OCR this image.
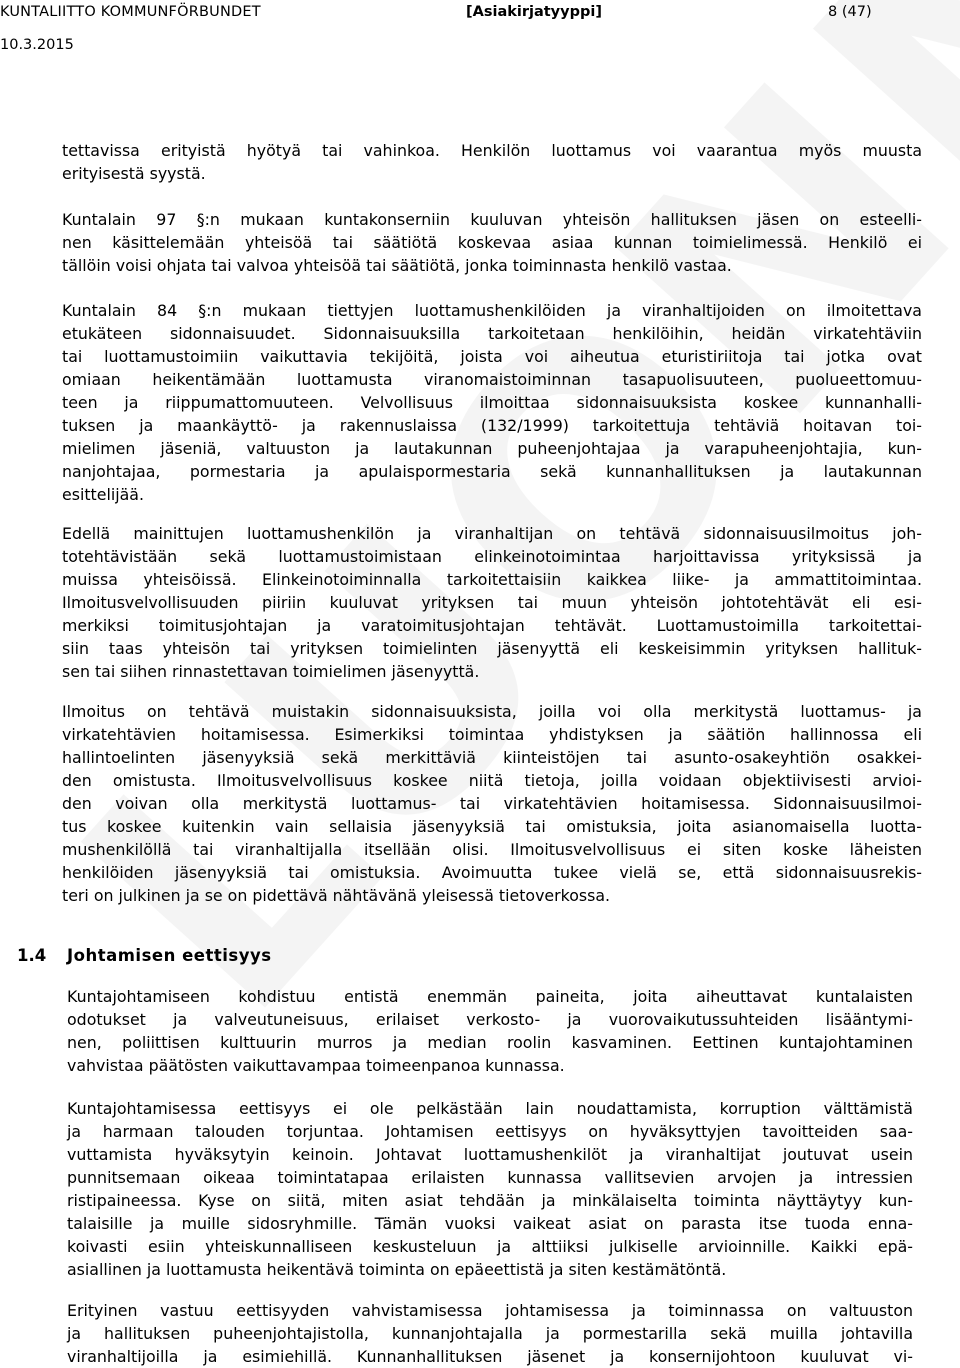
KUNTALIITTO KOMMUNFÖRBUNDET	[Asiakirjatyyppi]	8 (47)
10.3.2015
tettavissa erityistä hyötyä tai vahinkoa. Henkilön luottamus voi vaarantua myös muusta
erityisestä syystä.
Kuntalain 97 §:n mukaan kuntakonserniin kuuluvan yhteisön hallituksen jäsen on esteelli-
nen käsittelemään yhteisöä tai säätiötä koskevaa asiaa kunnan toimielimessä. Henkilö ei
tällöin voisi ohjata tai valvoa yhteisöä tai säätiötä, jonka toiminnasta henkilö vastaa.
Kuntalain 84 §:n mukaan tiettyjen luottamushenkilöiden ja viranhaltijoiden on ilmoitettava
etukäteen sidonnaisuudet. Sidonnaisuuksilla tarkoitetaan henkilöihin, heidän virkatehtäviin
tai luottamustoimiin vaikuttavia tekijöitä, joista voi aiheutua eturistiriitoja tai jotka ovat
omiaan heikentämään luottamusta viranomaistoiminnan tasapuolisuuteen, puolueettomuu-
teen ja riippumattomuuteen. Velvollisuus ilmoittaa sidonnaisuuksista koskee kunnanhalli-
tuksen ja maankäyttö- ja rakennuslaissa (132/1999) tarkoitettuja tehtäviä hoitavan toi-
mielimen jäseniä, valtuuston ja lautakunnan puheenjohtajaa ja varapuheenjohtajia, kun-
nanjohtajaa, pormestaria ja apulaispormestaria sekä kunnanhallituksen ja lautakunnan
esittelijää.
Edellä mainittujen luottamushenkilön ja viranhaltijan on tehtävä sidonnaisuusilmoitus joh-
totehtävistään sekä luottamustoimistaan elinkeinotoimintaa harjoittavissa yrityksissä ja
muissa yhteisöissä. Elinkeinotoiminnalla tarkoitettaisiin kaikkea liike- ja ammattitoimintaa.
Ilmoitusvelvollisuuden piiriin kuuluvat yrityksen tai muun yhteisön johtotehtävät eli esi-
merkiksi toimitusjohtajan ja varatoimitusjohtajan tehtävät. Luottamustoimilla tarkoitettai-
siin taas yhteisön tai yrityksen toimielinten jäsenyyttä eli keskeisimmin yrityksen hallituk-
sen tai siihen rinnastettavan toimielimen jäsenyyttä.
Ilmoitus on tehtävä muistakin sidonnaisuuksista, joilla voi olla merkitystä luottamus- ja
virkatehtävien hoitamisessa. Esimerkiksi toimintaa yhdistyksen ja säätiön hallinnossa eli
hallintoelinten jäsenyyksiä sekä merkittäviä kiinteistöjen tai asunto-osakeyhtiön osakkei-
den omistusta. Ilmoitusvelvollisuus koskee niitä tietoja, joilla voidaan objektiivisesti arvioi-
den voivan olla merkitystä luottamus- tai virkatehtävien hoitamisessa. Sidonnaisuusilmoi-
tus koskee kuitenkin vain sellaisia jäsenyyksiä tai omistuksia, joita asianomaisella luotta-
mushenkilöllä tai viranhaltijalla itsellään olisi. Ilmoitusvelvollisuus ei siten koske läheisten
henkilöiden jäsenyyksiä tai omistuksia. Avoimuutta tukee vielä se, että sidonnaisuusrekis-
teri on julkinen ja se on pidettävä nähtävänä yleisessä tietoverkossa.
1.4 Johtamisen eettisyys
Kuntajohtamiseen kohdistuu entistä enemmän paineita, joita aiheuttavat kuntalaisten
odotukset ja valveutuneisuus, erilaiset verkosto- ja vuorovaikutussuhteiden lisääntymi-
nen, poliittisen kulttuurin murros ja median roolin kasvaminen. Eettinen kuntajohtaminen
vahvistaa päätösten vaikuttavampaa toimeenpanoa kunnassa.
Kuntajohtamisessa eettisyys ei ole pelkästään lain noudattamista, korruption välttämistä
ja harmaan talouden torjuntaa. Johtamisen eettisyys on hyväksyttyjen tavoitteiden saa-
vuttamista hyväksytyin keinoin. Johtavat luottamushenkilöt ja viranhaltijat joutuvat usein
punnitsemaan oikeaa toimintatapaa erilaisten kunnassa vallitsevien arvojen ja intressien
ristipaineessa. Kyse on siitä, miten asiat tehdään ja minkälaiselta toiminta näyttäytyy kun-
talaisille ja muille sidosryhmille. Tämän vuoksi vaikeat asiat on parasta itse tuoda enna-
koivasti esiin yhteiskunnalliseen keskusteluun ja alttiiksi julkiselle arvioinnille. Kaikki epä-
asiallinen ja luottamusta heikentävä toiminta on epäeettistä ja siten kestämätöntä.
Erityinen vastuu eettisyyden vahvistamisessa johtamisessa ja toiminnassa on valtuuston
ja hallituksen puheenjohtajistolla, kunnanjohtajalla ja pormestarilla sekä muilla johtavilla
viranhaltijoilla ja esimiehillä. Kunnanhallituksen jäsenet ja konsernijohtoon kuuluvat vi-
